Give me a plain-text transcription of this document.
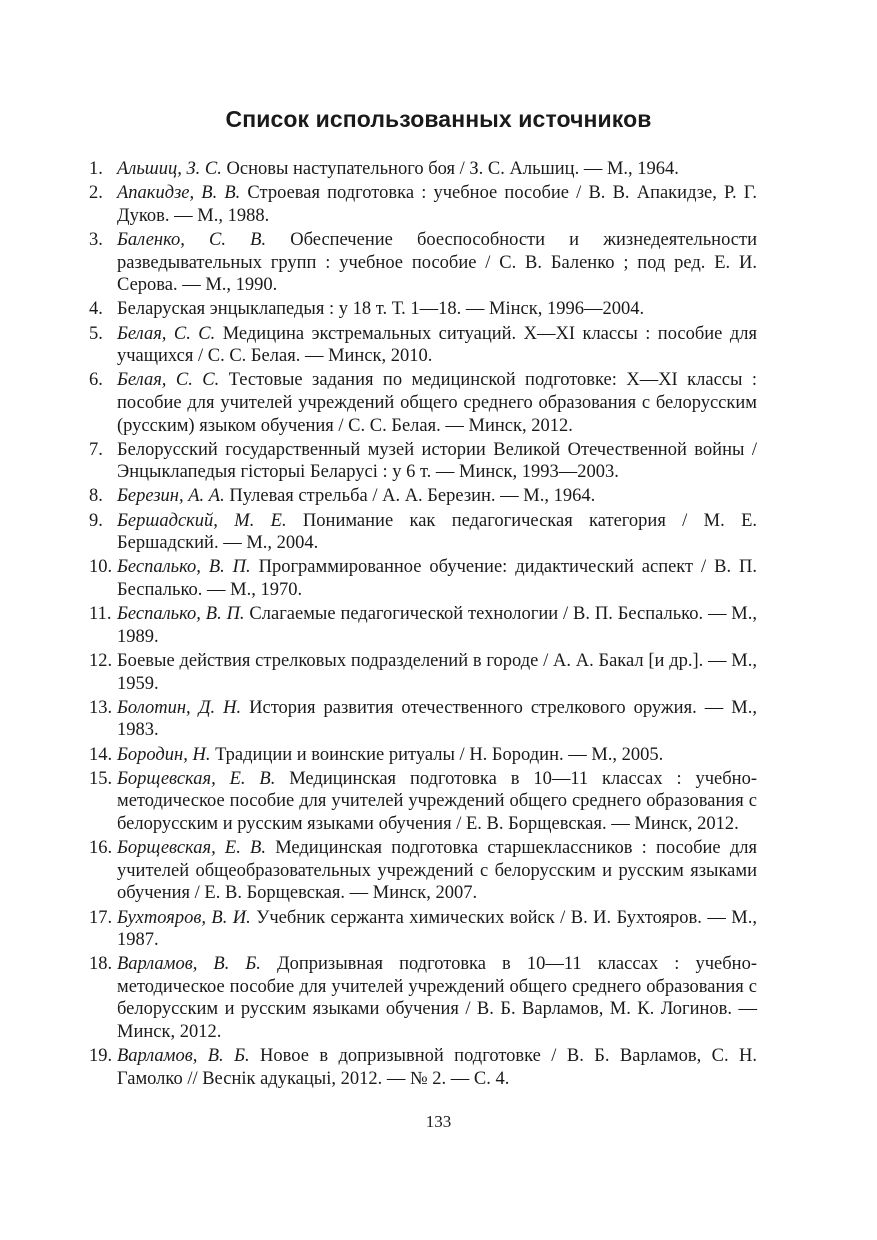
Список использованных источников
1. Альшиц, З. С. Основы наступательного боя / З. С. Альшиц. — М., 1964.
2. Апакидзе, В. В. Строевая подготовка : учебное пособие / В. В. Апакидзе, Р. Г. Дуков. — М., 1988.
3. Баленко, С. В. Обеспечение боеспособности и жизнедеятельности разведывательных групп : учебное пособие / С. В. Баленко ; под ред. Е. И. Серова. — М., 1990.
4. Беларуская энцыклапедыя : у 18 т. Т. 1—18. — Мінск, 1996—2004.
5. Белая, С. С. Медицина экстремальных ситуаций. X—XI классы : пособие для учащихся / С. С. Белая. — Минск, 2010.
6. Белая, С. С. Тестовые задания по медицинской подготовке: X—XI классы : пособие для учителей учреждений общего среднего образования с белорусским (русским) языком обучения / С. С. Белая. — Минск, 2012.
7. Белорусский государственный музей истории Великой Отечественной войны / Энцыклапедыя гісторыі Беларусі : у 6 т. — Минск, 1993—2003.
8. Березин, А. А. Пулевая стрельба / А. А. Березин. — М., 1964.
9. Бершадский, М. Е. Понимание как педагогическая категория / М. Е. Бершадский. — М., 2004.
10. Беспалько, В. П. Программированное обучение: дидактический аспект / В. П. Беспалько. — М., 1970.
11. Беспалько, В. П. Слагаемые педагогической технологии / В. П. Беспалько. — М., 1989.
12. Боевые действия стрелковых подразделений в городе / А. А. Бакал [и др.]. — М., 1959.
13. Болотин, Д. Н. История развития отечественного стрелкового оружия. — М., 1983.
14. Бородин, Н. Традиции и воинские ритуалы / Н. Бородин. — М., 2005.
15. Борщевская, Е. В. Медицинская подготовка в 10—11 классах : учебно-методическое пособие для учителей учреждений общего среднего образования с белорусским и русским языками обучения / Е. В. Борщевская. — Минск, 2012.
16. Борщевская, Е. В. Медицинская подготовка старшеклассников : пособие для учителей общеобразовательных учреждений с белорусским и русским языками обучения / Е. В. Борщевская. — Минск, 2007.
17. Бухтояров, В. И. Учебник сержанта химических войск / В. И. Бухтояров. — М., 1987.
18. Варламов, В. Б. Допризывная подготовка в 10—11 классах : учебно-методическое пособие для учителей учреждений общего среднего образования с белорусским и русским языками обучения / В. Б. Варламов, М. К. Логинов. — Минск, 2012.
19. Варламов, В. Б. Новое в допризывной подготовке / В. Б. Варламов, С. Н. Гамолко // Веснік адукацыі, 2012. — № 2. — С. 4.
133
